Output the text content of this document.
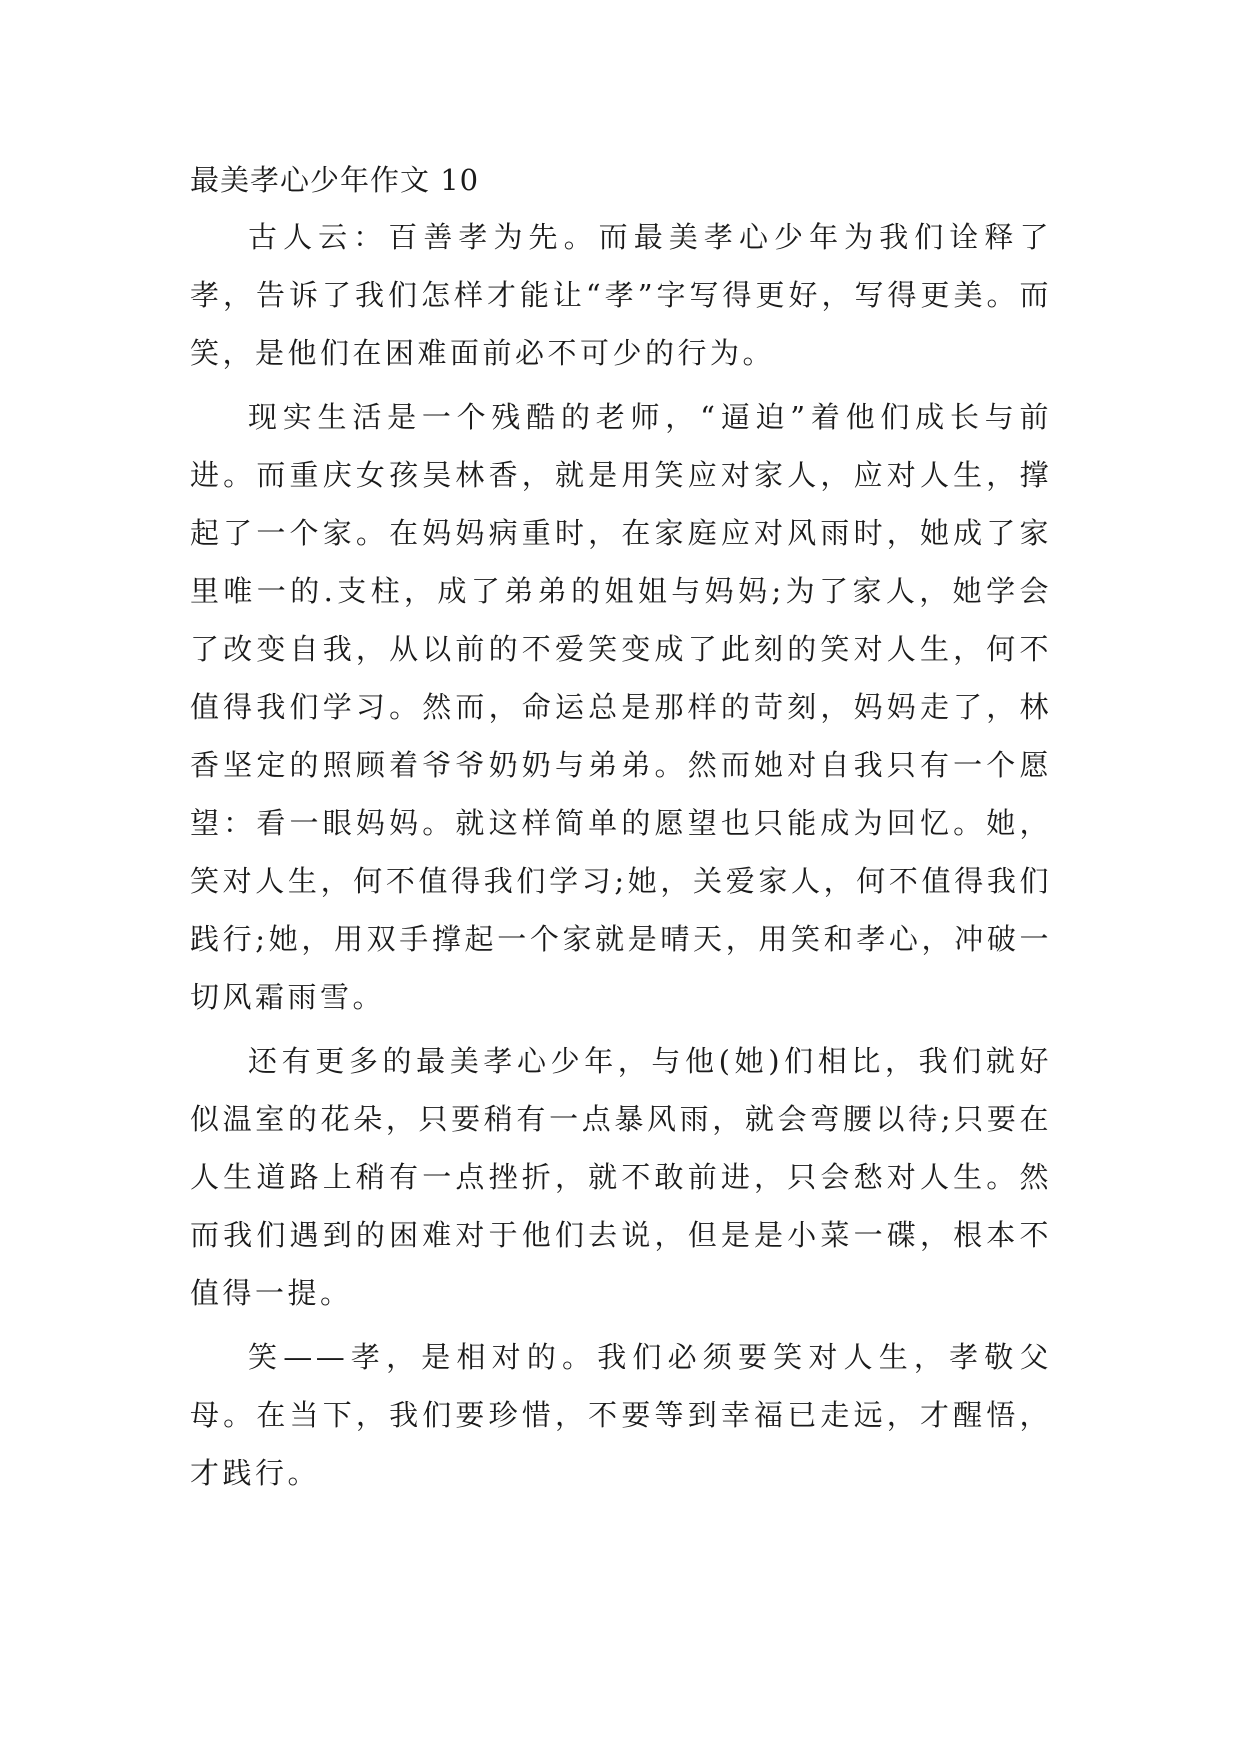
最美孝心少年作文 10

古人云：百善孝为先。而最美孝心少年为我们诠释了孝，告诉了我们怎样才能让“孝”字写得更好，写得更美。而笑，是他们在困难面前必不可少的行为。

现实生活是一个残酷的老师，“逼迫”着他们成长与前进。而重庆女孩吴林香，就是用笑应对家人，应对人生，撑起了一个家。在妈妈病重时，在家庭应对风雨时，她成了家里唯一的.支柱，成了弟弟的姐姐与妈妈;为了家人，她学会了改变自我，从以前的不爱笑变成了此刻的笑对人生，何不值得我们学习。然而，命运总是那样的苛刻，妈妈走了，林香坚定的照顾着爷爷奶奶与弟弟。然而她对自我只有一个愿望：看一眼妈妈。就这样简单的愿望也只能成为回忆。她，笑对人生，何不值得我们学习;她，关爱家人，何不值得我们践行;她，用双手撑起一个家就是晴天，用笑和孝心，冲破一切风霜雨雪。

还有更多的最美孝心少年，与他(她)们相比，我们就好似温室的花朵，只要稍有一点暴风雨，就会弯腰以待;只要在人生道路上稍有一点挫折，就不敢前进，只会愁对人生。然而我们遇到的困难对于他们去说，但是是小菜一碟，根本不值得一提。

笑——孝，是相对的。我们必须要笑对人生，孝敬父母。在当下，我们要珍惜，不要等到幸福已走远，才醒悟，才践行。
